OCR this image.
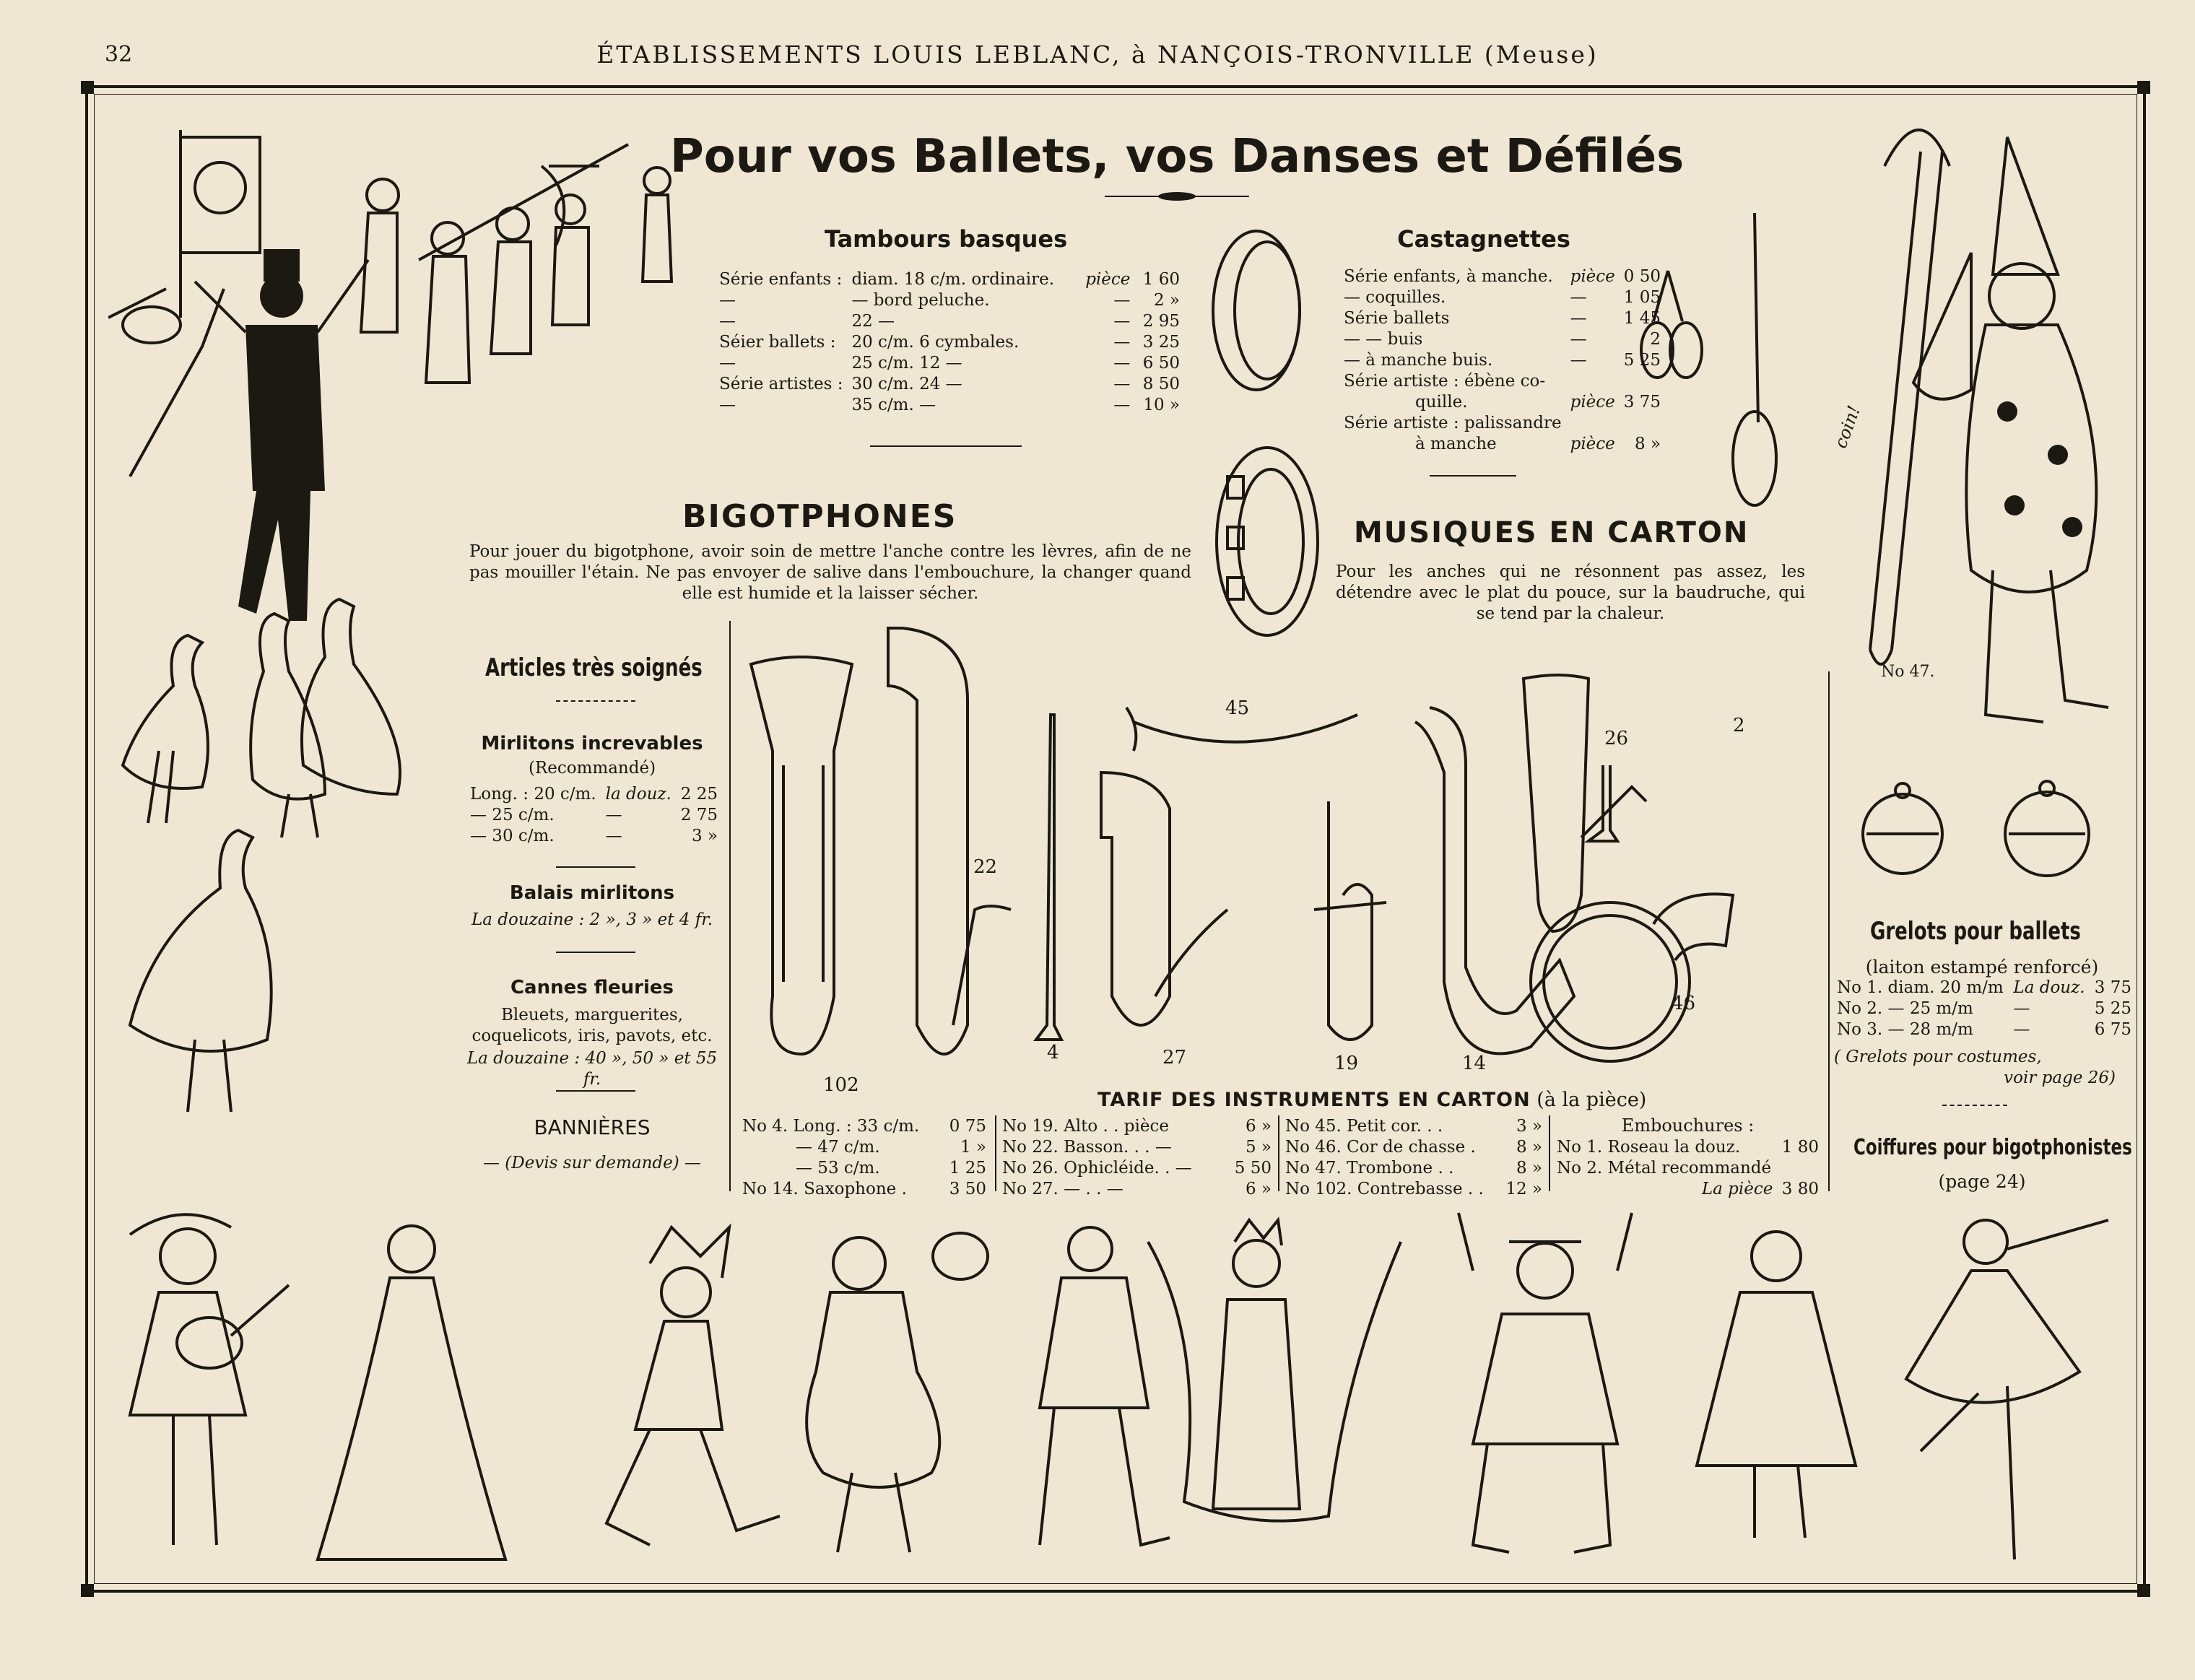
32	ÉTABLISSEMENTS LOUIS LEBLANC, à NANÇOIS-TRONVILLE (Meuse)
Pour vos Ballets, vos Danses et Défilés
Tambours basques
Série enfants :	diam. 18 c/m. ordinaire.	pièce	1 60
—	— bord peluche.	—	2 »
—	22 —	—	2 95
Séier ballets :	20 c/m. 6 cymbales.	—	3 25
—	25 c/m. 12 —	—	6 50
Série artistes :	30 c/m. 24 —	—	8 50
—	35 c/m. —	—	10 »
Castagnettes
Série enfants, à manche.	pièce	0 50
— coquilles.	—	1 05
Série ballets	—	1 45
— — buis	—	2
— à manche buis.	—	5 25
Série artiste : ébène co-		
quille.	pièce	3 75
Série artiste : palissandre		
à manche	pièce	8 »	coin!
No 47.
BIGOTPHONES
Pour jouer du bigotphone, avoir soin de mettre l'anche contre les lèvres, afin de ne pas mouiller l'étain. Ne pas envoyer de salive dans l'embouchure, la changer quand elle est humide et la laisser sécher.
MUSIQUES EN CARTON
Pour les anches qui ne résonnent pas assez, les détendre avec le plat du pouce, sur la baudruche, qui se tend par la chaleur.
Articles très soignés
Mirlitons increvables
(Recommandé)
Long. : 20 c/m.	la douz.	2 25
— 25 c/m.	—	2 75
— 30 c/m.	—	3 »
Balais mirlitons
La douzaine : 2 », 3 » et 4 fr.
Cannes fleuries
Bleuets, marguerites, coquelicots, iris, pavots, etc.
La douzaine : 40 », 50 » et 55 fr.
BANNIÈRES
— (Devis sur demande) —
102
22
4	27
45
19	14
26
2
46
TARIF DES INSTRUMENTS EN CARTON (à la pièce)
No 4. Long. : 33 c/m.	0 75
— 47 c/m.	1 »
— 53 c/m.	1 25
No 14. Saxophone .	3 50
No 19. Alto . . pièce	6 »
No 22. Basson. . . —	5 »
No 26. Ophicléide. . —	5 50
No 27. — . . —	6 »
No 45. Petit cor. . .	3 »
No 46. Cor de chasse .	8 »
No 47. Trombone . .	8 »
No 102. Contrebasse . .	12 »
Embouchures :
No 1. Roseau la douz.	1 80
No 2. Métal recommandé	
La pièce	3 80
Grelots pour ballets
(laiton estampé renforcé)
No 1. diam. 20 m/m	La douz.	3 75
No 2. — 25 m/m	—	5 25
No 3. — 28 m/m	—	6 75
( Grelots pour costumes,
voir page 26)
Coiffures pour bigotphonistes
(page 24)
